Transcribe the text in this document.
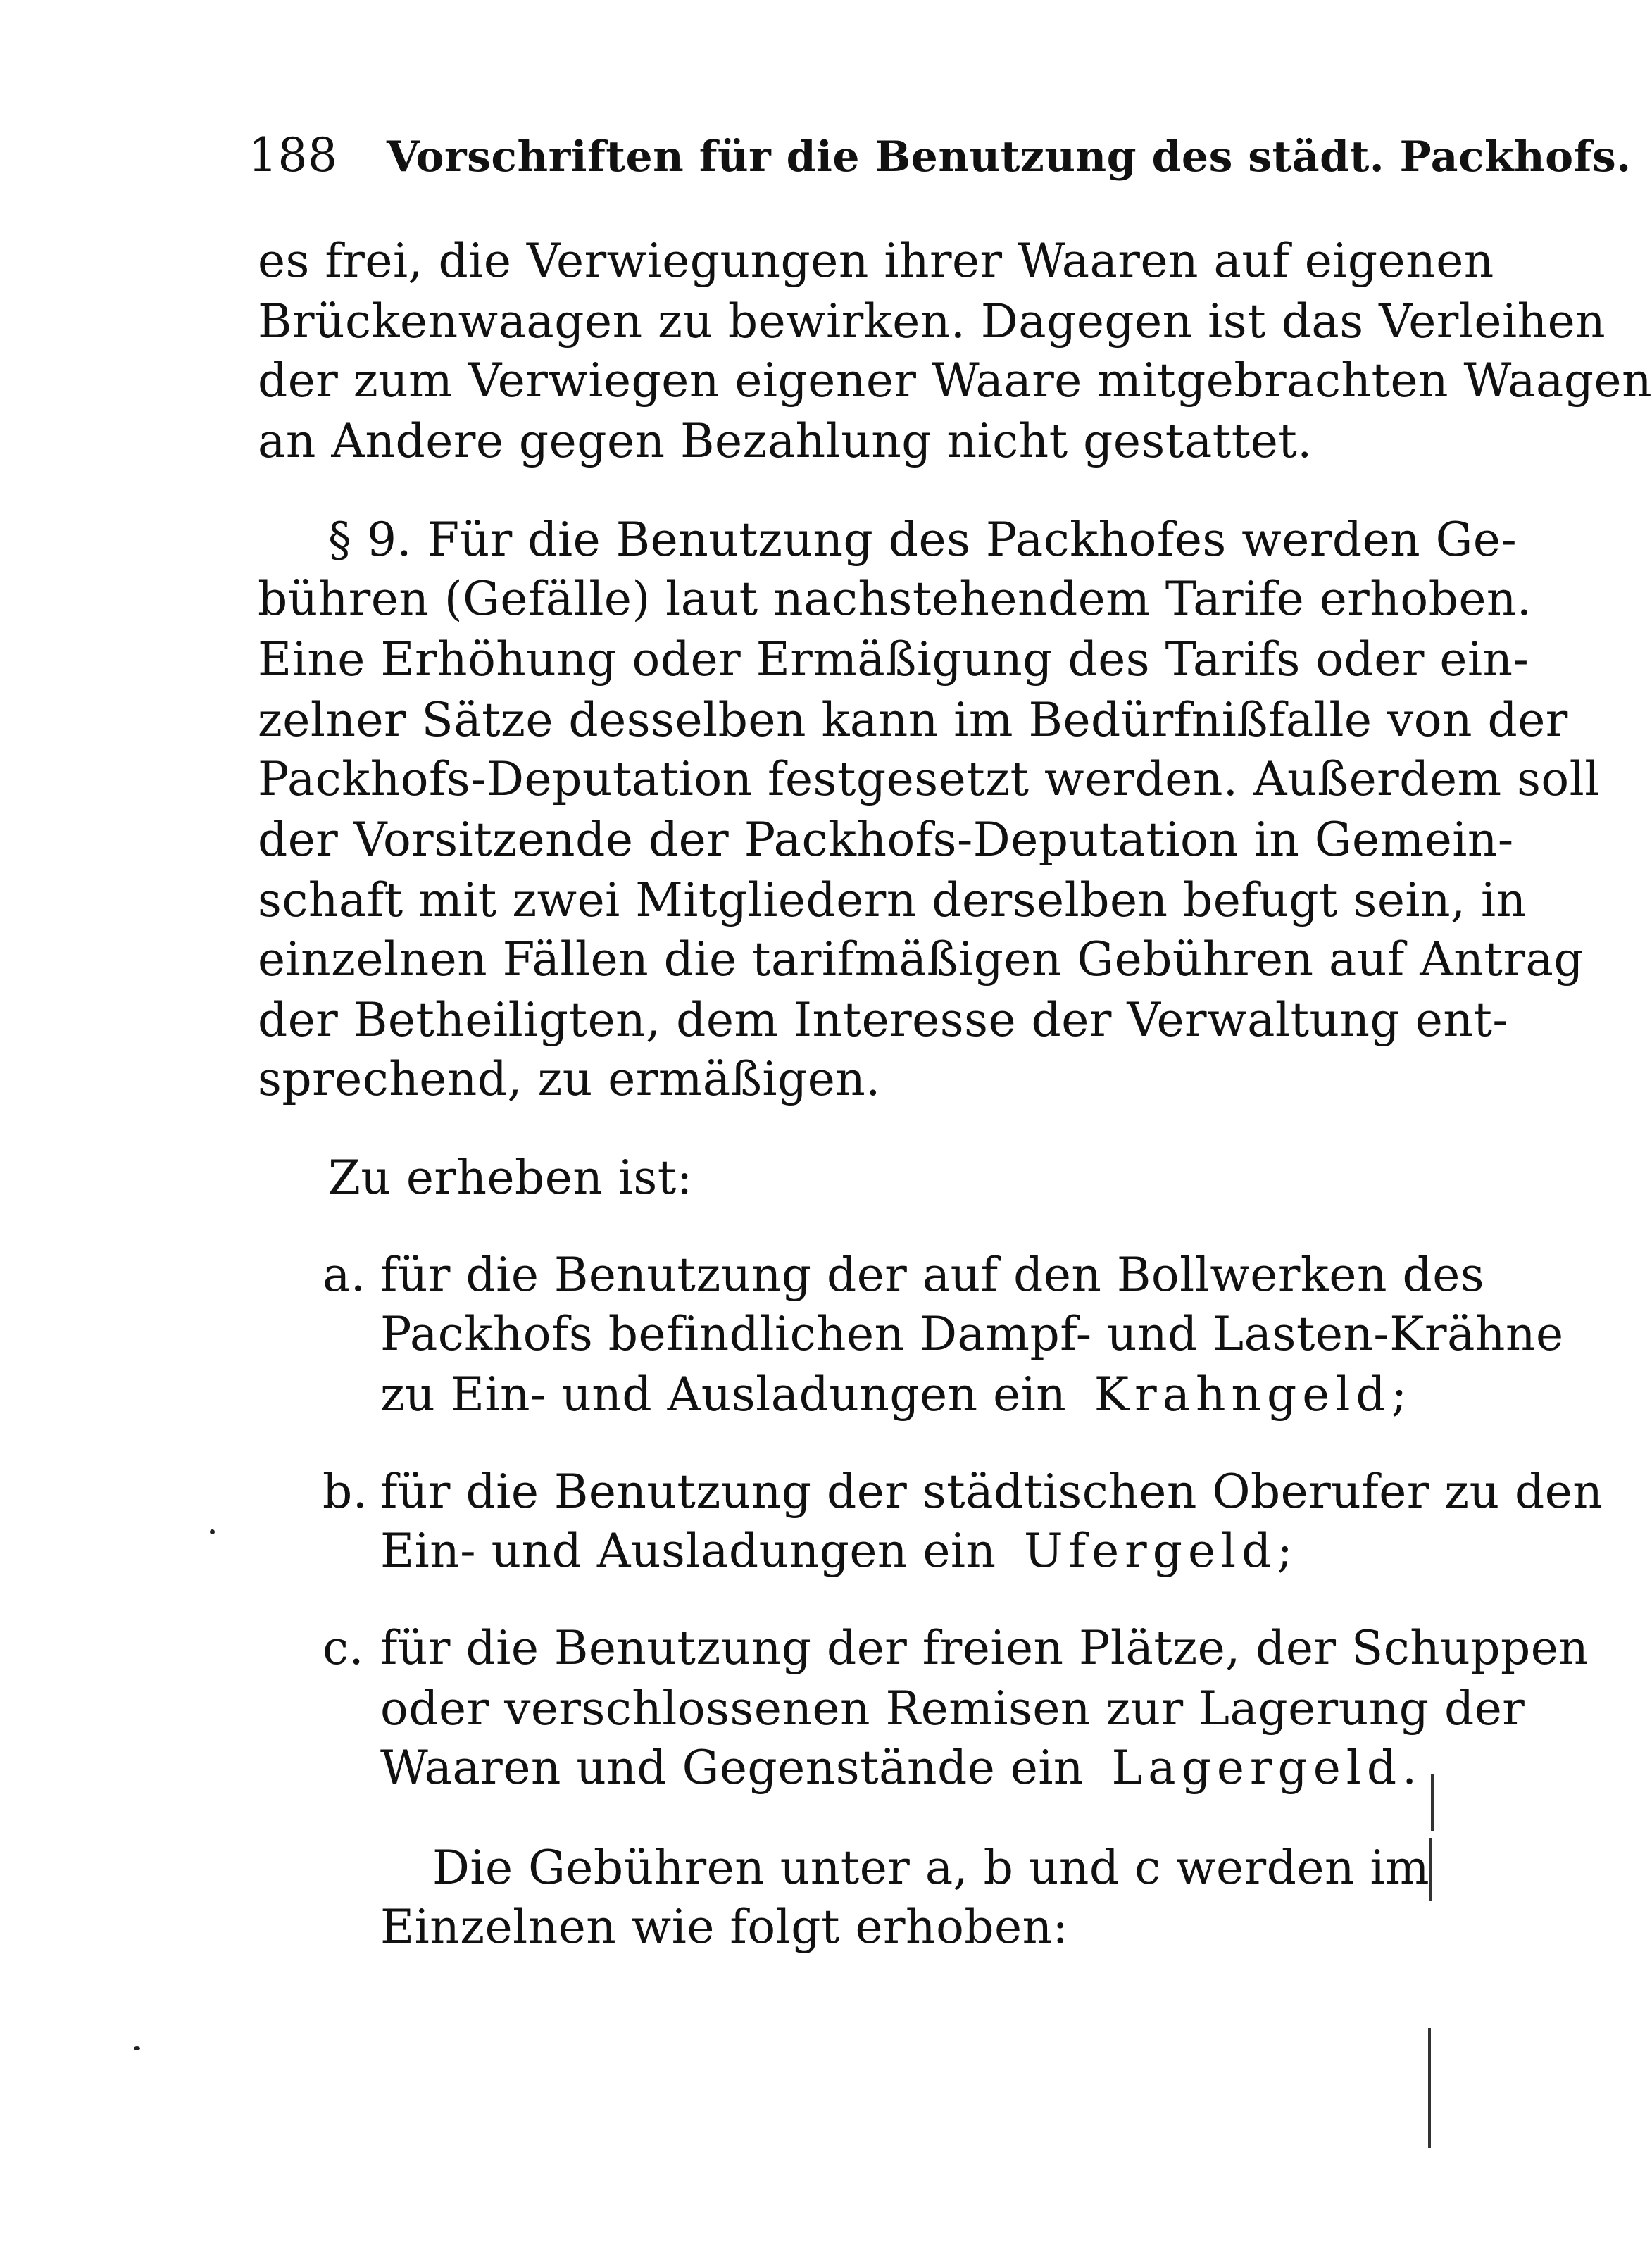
188 Vorschriften für die Benutzung des städt. Packhofs.
es frei, die Verwiegungen ihrer Waaren auf eigenen
Brückenwaagen zu bewirken. Dagegen ist das Verleihen
der zum Verwiegen eigener Waare mitgebrachten Waagen
an Andere gegen Bezahlung nicht gestattet.
§ 9. Für die Benutzung des Packhofes werden Ge-
bühren (Gefälle) laut nachstehendem Tarife erhoben.
Eine Erhöhung oder Ermäßigung des Tarifs oder ein-
zelner Sätze desselben kann im Bedürfnißfalle von der
Packhofs-Deputation festgesetzt werden. Außerdem soll
der Vorsitzende der Packhofs-Deputation in Gemein-
schaft mit zwei Mitgliedern derselben befugt sein, in
einzelnen Fällen die tarifmäßigen Gebühren auf Antrag
der Betheiligten, dem Interesse der Verwaltung ent-
sprechend, zu ermäßigen.
Zu erheben ist:
a. für die Benutzung der auf den Bollwerken des
Packhofs befindlichen Dampf- und Lasten-Krähne
zu Ein- und Ausladungen ein Krahngeld;
b. für die Benutzung der städtischen Oberufer zu den
Ein- und Ausladungen ein Ufergeld;
c. für die Benutzung der freien Plätze, der Schuppen
oder verschlossenen Remisen zur Lagerung der
Waaren und Gegenstände ein Lagergeld.
Die Gebühren unter a, b und c werden im
Einzelnen wie folgt erhoben:
